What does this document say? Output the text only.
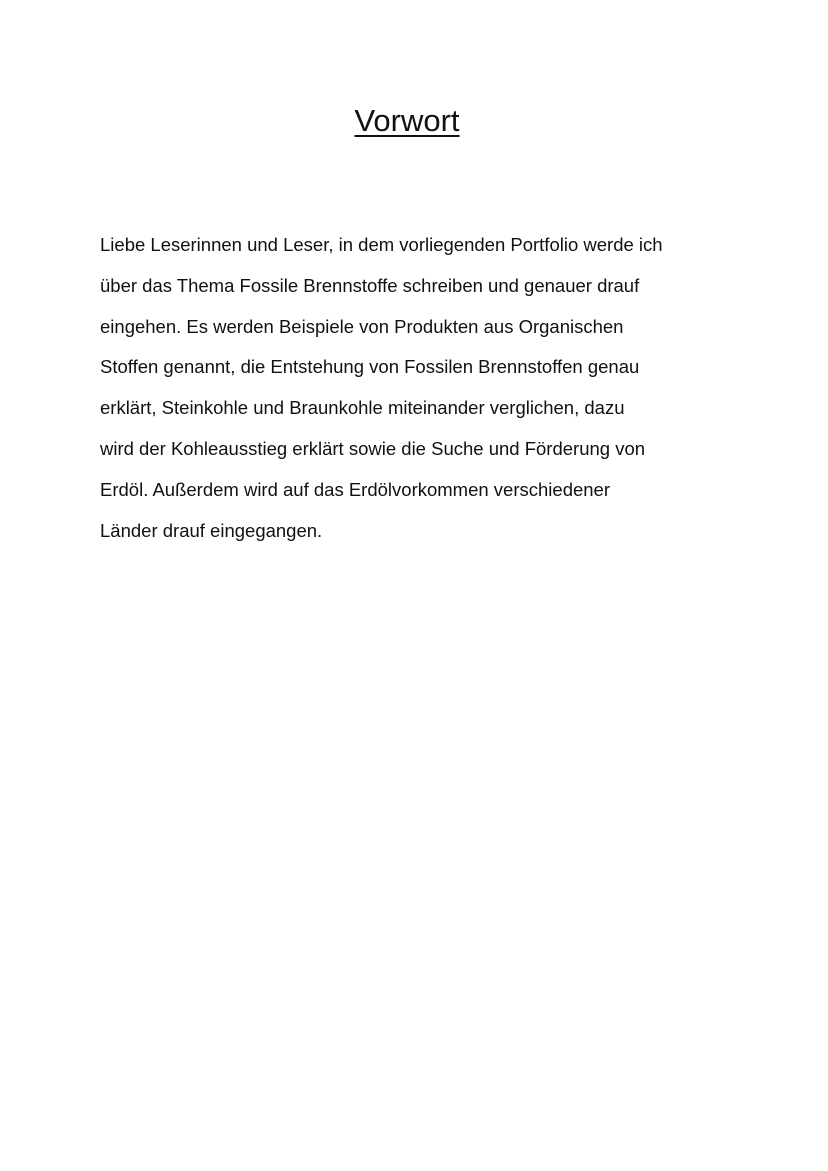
Vorwort
Liebe Leserinnen und Leser, in dem vorliegenden Portfolio werde ich
über das Thema Fossile Brennstoffe schreiben und genauer drauf
eingehen. Es werden Beispiele von Produkten aus Organischen
Stoffen genannt, die Entstehung von Fossilen Brennstoffen genau
erklärt, Steinkohle und Braunkohle miteinander verglichen, dazu
wird der Kohleausstieg erklärt sowie die Suche und Förderung von
Erdöl. Außerdem wird auf das Erdölvorkommen verschiedener
Länder drauf eingegangen.
